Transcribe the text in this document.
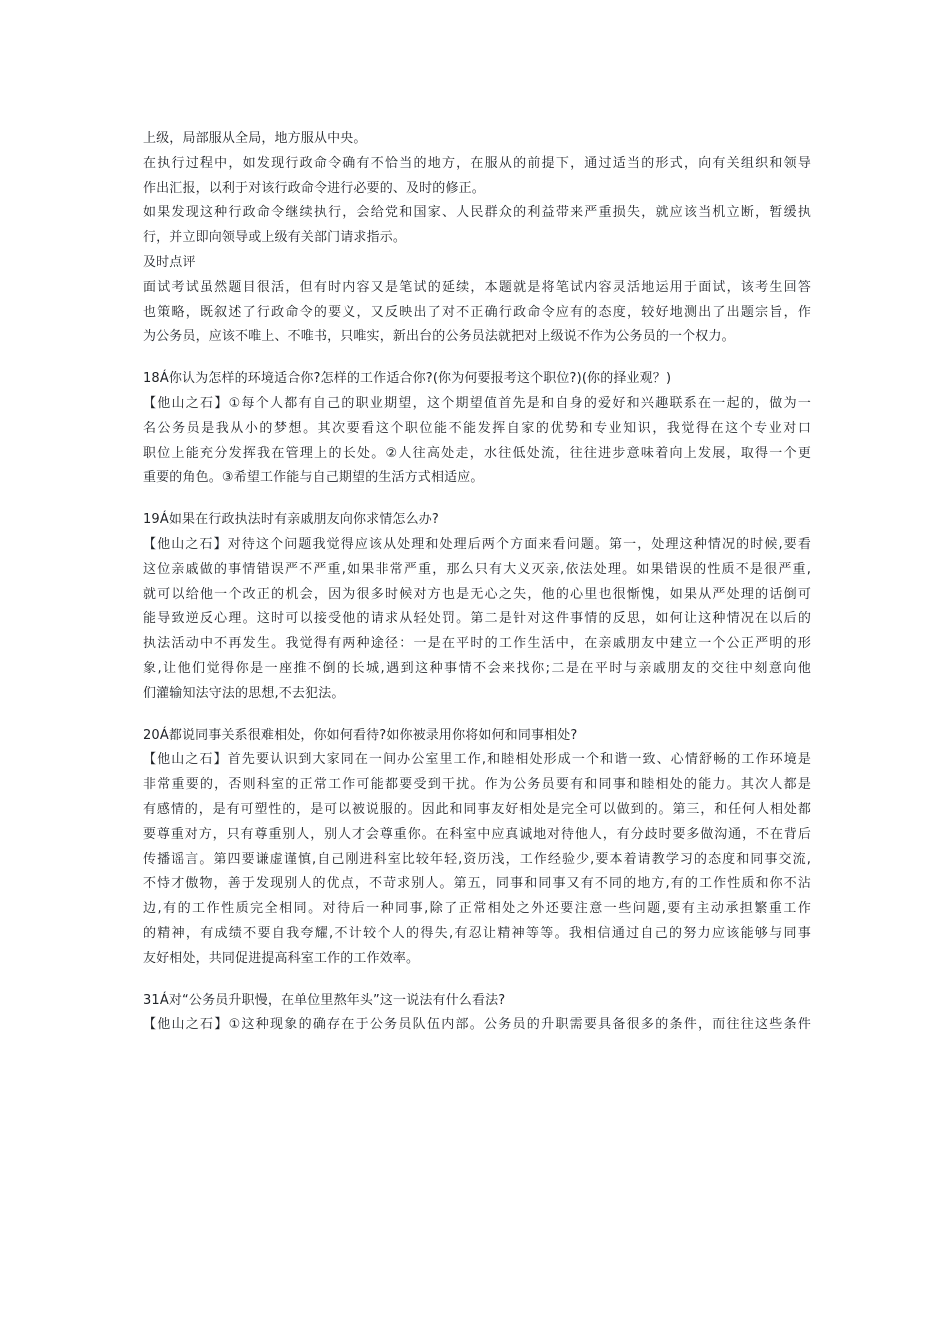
上级，局部服从全局，地方服从中央。
在执行过程中，如发现行政命令确有不恰当的地方，在服从的前提下，通过适当的形式，向有关组织和领导
作出汇报，以利于对该行政命令进行必要的、及时的修正。
如果发现这种行政命令继续执行，会给党和国家、人民群众的利益带来严重损失，就应该当机立断，暂缓执
行，并立即向领导或上级有关部门请求指示。
及时点评
面试考试虽然题目很活，但有时内容又是笔试的延续，本题就是将笔试内容灵活地运用于面试，该考生回答
也策略，既叙述了行政命令的要义，又反映出了对不正确行政命令应有的态度，较好地测出了出题宗旨，作
为公务员，应该不唯上、不唯书，只唯实，新出台的公务员法就把对上级说不作为公务员的一个权力。
18Á你认为怎样的环境适合你?怎样的工作适合你?(你为何要报考这个职位?)(你的择业观？)
【他山之石】①每个人都有自己的职业期望，这个期望值首先是和自身的爱好和兴趣联系在一起的，做为一
名公务员是我从小的梦想。其次要看这个职位能不能发挥自家的优势和专业知识，我觉得在这个专业对口
职位上能充分发挥我在管理上的长处。②人往高处走，水往低处流，往往进步意味着向上发展，取得一个更
重要的角色。③希望工作能与自己期望的生活方式相适应。
19Á如果在行政执法时有亲戚朋友向你求情怎么办?
【他山之石】对待这个问题我觉得应该从处理和处理后两个方面来看问题。第一，处理这种情况的时候,要看
这位亲戚做的事情错误严不严重,如果非常严重，那么只有大义灭亲,依法处理。如果错误的性质不是很严重,
就可以给他一个改正的机会，因为很多时候对方也是无心之失，他的心里也很惭愧，如果从严处理的话倒可
能导致逆反心理。这时可以接受他的请求从轻处罚。第二是针对这件事情的反思，如何让这种情况在以后的
执法活动中不再发生。我觉得有两种途径：一是在平时的工作生活中，在亲戚朋友中建立一个公正严明的形
象,让他们觉得你是一座推不倒的长城,遇到这种事情不会来找你;二是在平时与亲戚朋友的交往中刻意向他
们灌输知法守法的思想,不去犯法。
20Á都说同事关系很难相处，你如何看待?如你被录用你将如何和同事相处?
【他山之石】首先要认识到大家同在一间办公室里工作,和睦相处形成一个和谐一致、心情舒畅的工作环境是
非常重要的，否则科室的正常工作可能都要受到干扰。作为公务员要有和同事和睦相处的能力。其次人都是
有感情的，是有可塑性的，是可以被说服的。因此和同事友好相处是完全可以做到的。第三，和任何人相处都
要尊重对方，只有尊重别人，别人才会尊重你。在科室中应真诚地对待他人，有分歧时要多做沟通，不在背后
传播谣言。第四要谦虚谨慎,自己刚进科室比较年轻,资历浅，工作经验少,要本着请教学习的态度和同事交流,
不恃才傲物，善于发现别人的优点，不苛求别人。第五，同事和同事又有不同的地方,有的工作性质和你不沾
边,有的工作性质完全相同。对待后一种同事,除了正常相处之外还要注意一些问题,要有主动承担繁重工作
的精神，有成绩不要自我夸耀,不计较个人的得失,有忍让精神等等。我相信通过自己的努力应该能够与同事
友好相处，共同促进提高科室工作的工作效率。
31Á对“公务员升职慢，在单位里熬年头”这一说法有什么看法?
【他山之石】①这种现象的确存在于公务员队伍内部。公务员的升职需要具备很多的条件，而往往这些条件
